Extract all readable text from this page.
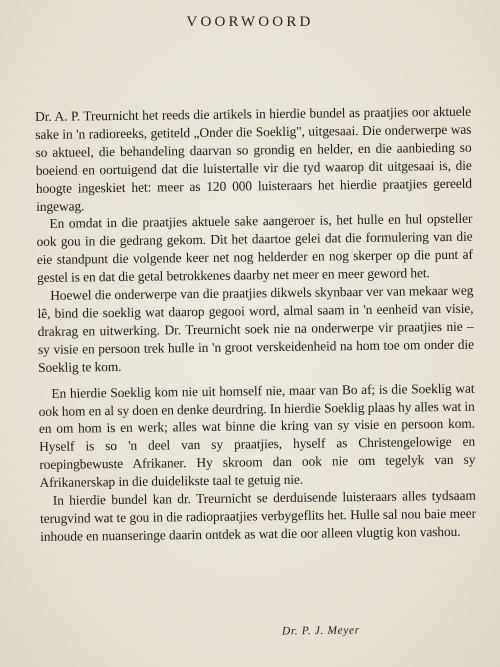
VOORWOORD

Dr. A. P. Treurnicht het reeds die artikels in hierdie bundel as praatjies oor aktuele sake in 'n radioreeks, getiteld „Onder die Soeklig", uitgesaai. Die onderwerpe was so aktueel, die behandeling daarvan so grondig en helder, en die aanbieding so boeiend en oortuigend dat die luistertalle vir die tyd waarop dit uitgesaai is, die hoogte ingeskiet het: meer as 120 000 luisteraars het hierdie praatjies gereeld ingewag.

En omdat in die praatjies aktuele sake aangeroer is, het hulle en hul opsteller ook gou in die gedrang gekom. Dit het daartoe gelei dat die formulering van die eie standpunt die volgende keer net nog helderder en nog skerper op die punt af gestel is en dat die getal betrokkenes daarby net meer en meer geword het.

Hoewel die onderwerpe van die praatjies dikwels skynbaar ver van mekaar weg lê, bind die soeklig wat daarop gegooi word, almal saam in 'n eenheid van visie, drakrag en uitwerking. Dr. Treurnicht soek nie na onderwerpe vir praatjies nie – sy visie en persoon trek hulle in 'n groot verskeidenheid na hom toe om onder die Soeklig te kom.

En hierdie Soeklig kom nie uit homself nie, maar van Bo af; is die Soeklig wat ook hom en al sy doen en denke deurdring. In hierdie Soeklig plaas hy alles wat in en om hom is en werk; alles wat binne die kring van sy visie en persoon kom. Hyself is so 'n deel van sy praatjies, hyself as Christengelowige en roepingbewuste Afrikaner. Hy skroom dan ook nie om tegelyk van sy Afrikanerskap in die duidelikste taal te getuig nie.

In hierdie bundel kan dr. Treurnicht se derduisende luisteraars alles tydsaam terugvind wat te gou in die radiopraatjies verbygeflits het. Hulle sal nou baie meer inhoude en nuanseringe daarin ontdek as wat die oor alleen vlugtig kon vashou.

Dr. P. J. Meyer
